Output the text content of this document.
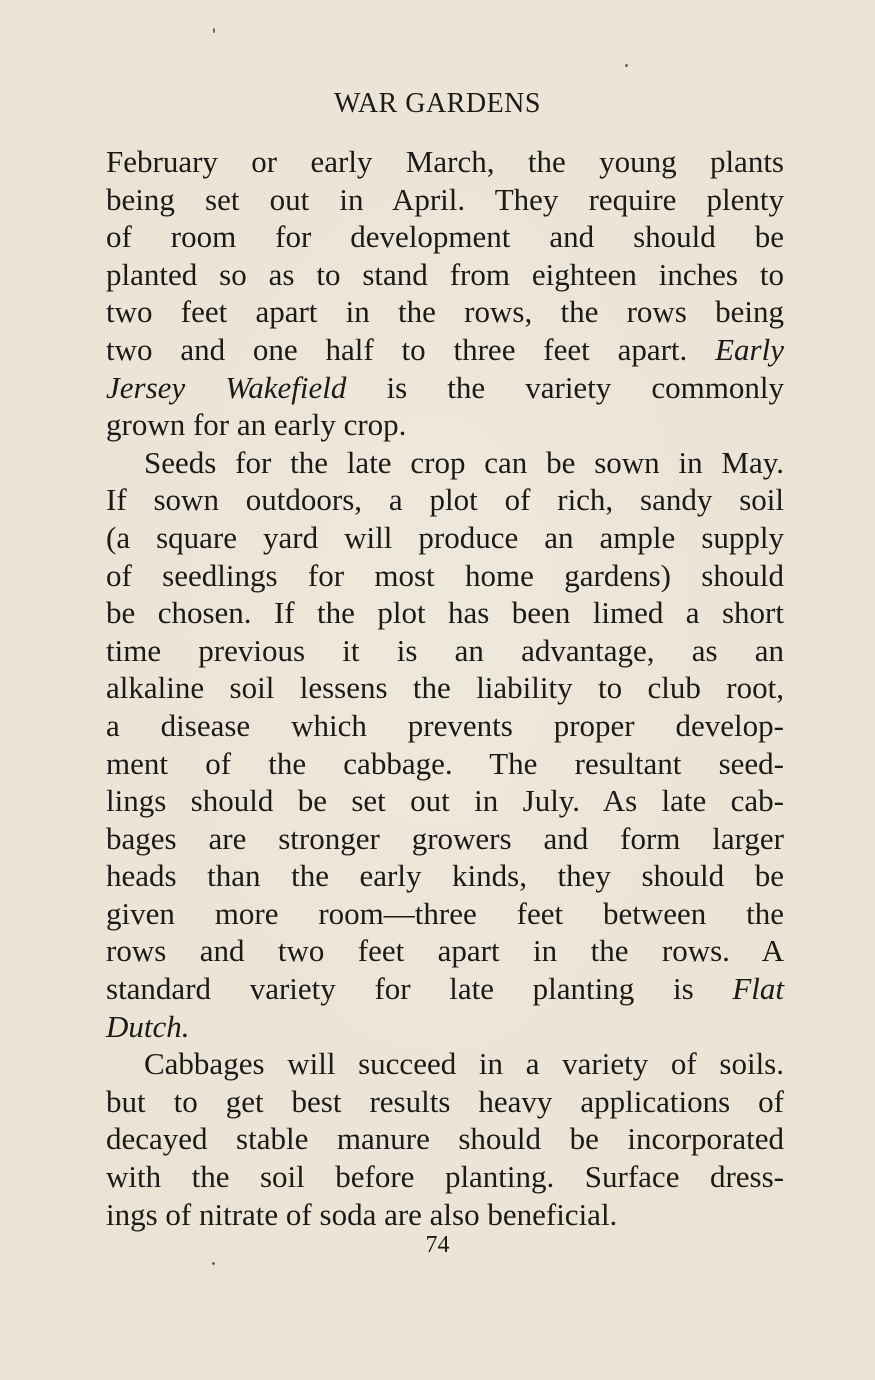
WAR GARDENS
February or early March, the young plants
being set out in April. They require plenty
of room for development and should be
planted so as to stand from eighteen inches to
two feet apart in the rows, the rows being
two and one half to three feet apart. Early
Jersey Wakefield is the variety commonly
grown for an early crop.
Seeds for the late crop can be sown in May.
If sown outdoors, a plot of rich, sandy soil
(a square yard will produce an ample supply
of seedlings for most home gardens) should
be chosen. If the plot has been limed a short
time previous it is an advantage, as an
alkaline soil lessens the liability to club root,
a disease which prevents proper develop-
ment of the cabbage. The resultant seed-
lings should be set out in July. As late cab-
bages are stronger growers and form larger
heads than the early kinds, they should be
given more room—three feet between the
rows and two feet apart in the rows. A
standard variety for late planting is Flat
Dutch.
Cabbages will succeed in a variety of soils.
but to get best results heavy applications of
decayed stable manure should be incorporated
with the soil before planting. Surface dress-
ings of nitrate of soda are also beneficial.
74
